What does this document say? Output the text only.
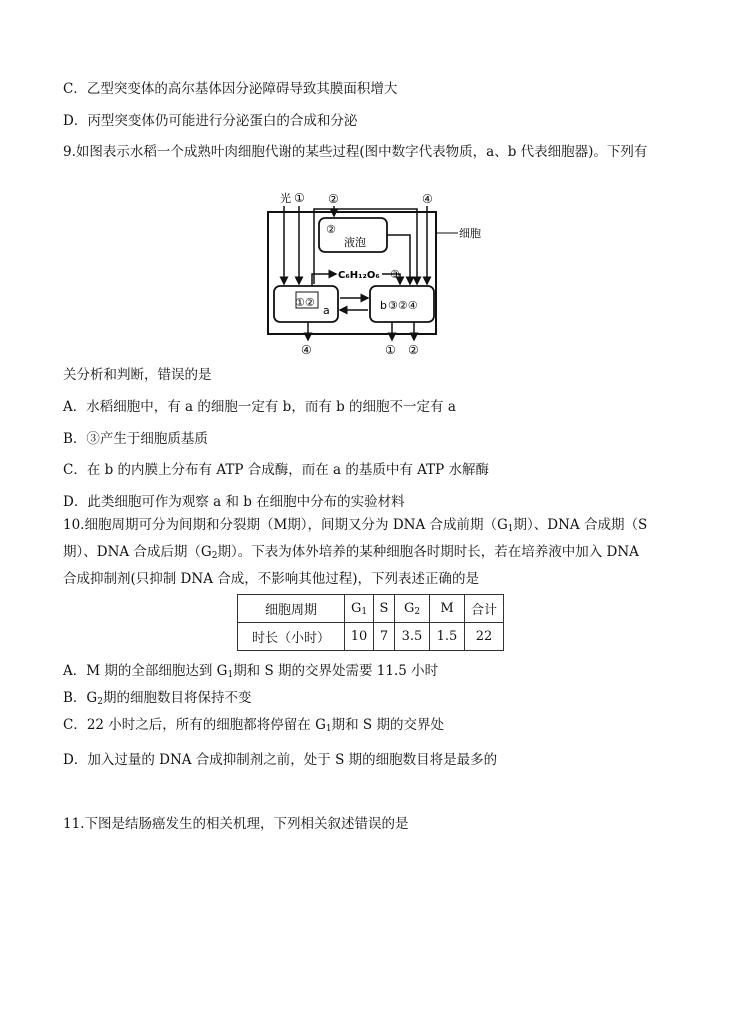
C．乙型突变体的高尔基体因分泌障碍导致其膜面积增大
D．丙型突变体仍可能进行分泌蛋白的合成和分泌
9.如图表示水稻一个成熟叶肉细胞代谢的某些过程(图中数字代表物质，a、b 代表细胞器)。下列有
细胞
光 ① ②	④
②
液泡
①②
a	b ③②④
C₆H₁₂O₆ ③
④	① ②
关分析和判断，错误的是
A．水稻细胞中，有 a 的细胞一定有 b，而有 b 的细胞不一定有 a
B．③产生于细胞质基质
C．在 b 的内膜上分布有 ATP 合成酶，而在 a 的基质中有 ATP 水解酶
D．此类细胞可作为观察 a 和 b 在细胞中分布的实验材料
10.细胞周期可分为间期和分裂期（M期），间期又分为 DNA 合成前期（$G_1$期）、DNA 合成期（S
期）、DNA 合成后期（$G_2$期）。下表为体外培养的某种细胞各时期时长，若在培养液中加入 DNA
合成抑制剂(只抑制 DNA 合成，不影响其他过程)，下列表述正确的是
细胞周期	$G_1$	S	$G_2$	M	合计
时长（小时）	10	7	3.5	1.5	22
A．M 期的全部细胞达到 $G_1$期和 S 期的交界处需要 11.5 小时
B．$G_2$期的细胞数目将保持不变
C．22 小时之后，所有的细胞都将停留在 $G_1$期和 S 期的交界处
D．加入过量的 DNA 合成抑制剂之前，处于 S 期的细胞数目将是最多的
11.下图是结肠癌发生的相关机理，下列相关叙述错误的是
